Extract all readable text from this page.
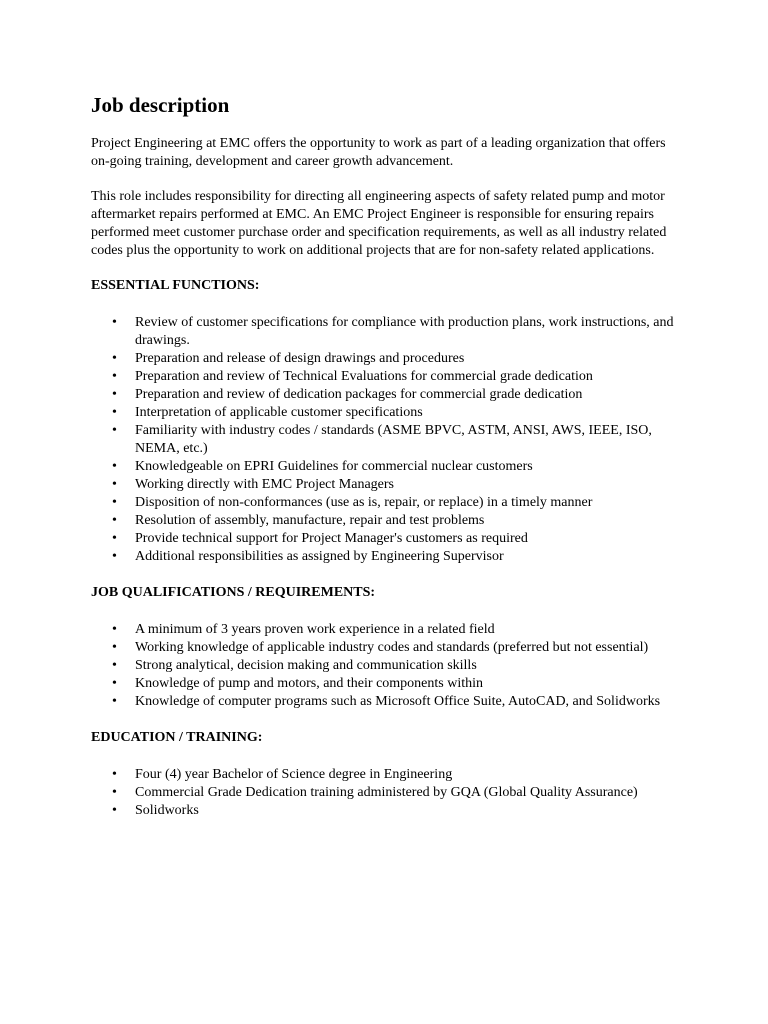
Job description

Project Engineering at EMC offers the opportunity to work as part of a leading organization that offers on-going training, development and career growth advancement.

This role includes responsibility for directing all engineering aspects of safety related pump and motor aftermarket repairs performed at EMC. An EMC Project Engineer is responsible for ensuring repairs performed meet customer purchase order and specification requirements, as well as all industry related codes plus the opportunity to work on additional projects that are for non-safety related applications.

ESSENTIAL FUNCTIONS:
• Review of customer specifications for compliance with production plans, work instructions, and drawings.
• Preparation and release of design drawings and procedures
• Preparation and review of Technical Evaluations for commercial grade dedication
• Preparation and review of dedication packages for commercial grade dedication
• Interpretation of applicable customer specifications
• Familiarity with industry codes / standards (ASME BPVC, ASTM, ANSI, AWS, IEEE, ISO, NEMA, etc.)
• Knowledgeable on EPRI Guidelines for commercial nuclear customers
• Working directly with EMC Project Managers
• Disposition of non-conformances (use as is, repair, or replace) in a timely manner
• Resolution of assembly, manufacture, repair and test problems
• Provide technical support for Project Manager's customers as required
• Additional responsibilities as assigned by Engineering Supervisor
JOB QUALIFICATIONS / REQUIREMENTS:
• A minimum of 3 years proven work experience in a related field
• Working knowledge of applicable industry codes and standards (preferred but not essential)
• Strong analytical, decision making and communication skills
• Knowledge of pump and motors, and their components within
• Knowledge of computer programs such as Microsoft Office Suite, AutoCAD, and Solidworks
EDUCATION / TRAINING:
• Four (4) year Bachelor of Science degree in Engineering
• Commercial Grade Dedication training administered by GQA (Global Quality Assurance)
• Solidworks
